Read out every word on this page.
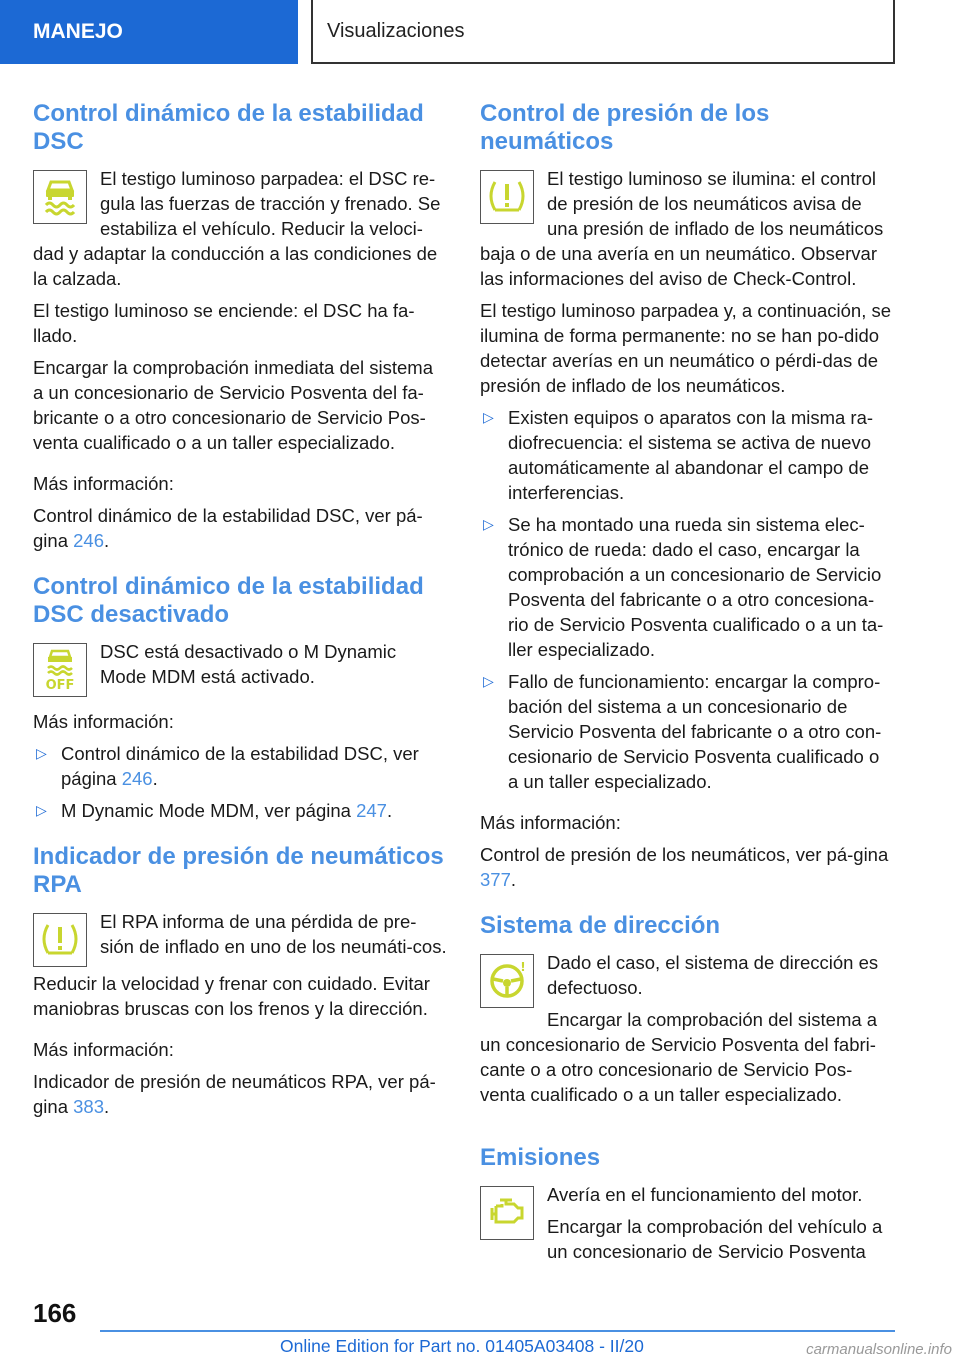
MANEJO	Visualizaciones
Control dinámico de la estabilidad DSC

El testigo luminoso parpadea: el DSC re-gula las fuerzas de tracción y frenado. Se estabiliza el vehículo. Reducir la veloci-dad y adaptar la conducción a las condiciones de la calzada.

El testigo luminoso se enciende: el DSC ha fa-llado.

Encargar la comprobación inmediata del sistema a un concesionario de Servicio Posventa del fa-bricante o a otro concesionario de Servicio Pos-venta cualificado o a un taller especializado.

Más información:

Control dinámico de la estabilidad DSC, ver pá-gina 246.

Control dinámico de la estabilidad DSC desactivado
OFF

DSC está desactivado o M Dynamic Mode MDM está activado.

Más información:

▷ Control dinámico de la estabilidad DSC, ver página 246.
▷ M Dynamic Mode MDM, ver página 247.
Indicador de presión de neumáticos RPA

El RPA informa de una pérdida de pre-sión de inflado en uno de los neumáti-cos.

Reducir la velocidad y frenar con cuidado. Evitar maniobras bruscas con los frenos y la dirección.

Más información:

Indicador de presión de neumáticos RPA, ver pá-gina 383.

Control de presión de los neumáticos

El testigo luminoso se ilumina: el control de presión de los neumáticos avisa de una presión de inflado de los neumáticos baja o de una avería en un neumático. Observar las informaciones del aviso de Check-Control.

El testigo luminoso parpadea y, a continuación, se ilumina de forma permanente: no se han po-dido detectar averías en un neumático o pérdi-das de presión de inflado de los neumáticos.

▷ Existen equipos o aparatos con la misma ra-diofrecuencia: el sistema se activa de nuevo automáticamente al abandonar el campo de interferencias.
▷ Se ha montado una rueda sin sistema elec-trónico de rueda: dado el caso, encargar la comprobación a un concesionario de Servicio Posventa del fabricante o a otro concesiona-rio de Servicio Posventa cualificado o a un ta-ller especializado.
▷ Fallo de funcionamiento: encargar la compro-bación del sistema a un concesionario de Servicio Posventa del fabricante o a otro con-cesionario de Servicio Posventa cualificado o a un taller especializado.

Más información:

Control de presión de los neumáticos, ver pá-gina 377.

Sistema de dirección
!	Dado el caso, el sistema de dirección es defectuoso.

Encargar la comprobación del sistema a un concesionario de Servicio Posventa del fabri-cante o a otro concesionario de Servicio Pos-venta cualificado o a un taller especializado.

Emisiones

Avería en el funcionamiento del motor.

Encargar la comprobación del vehículo a un concesionario de Servicio Posventa

166
Online Edition for Part no. 01405A03408 - II/20	carmanualsonline.info
